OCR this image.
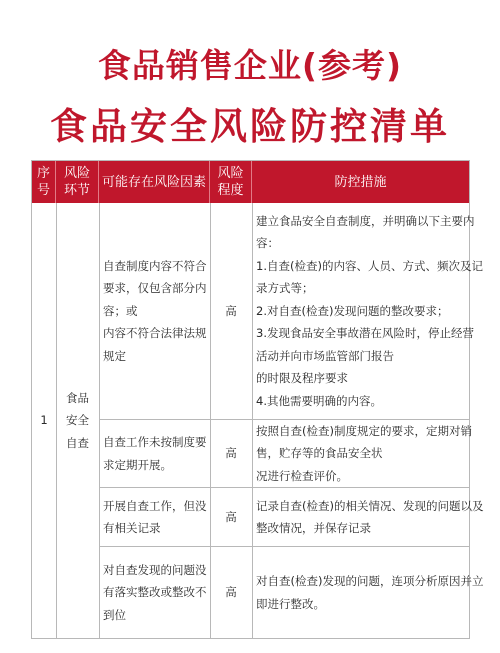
食品销售企业(参考)
食品安全风险防控清单
序
号
风险
环节
可能存在风险因素
风险
程度
防控措施
1
食品
安全
自查
自查制度内容不符合
要求，仅包含部分内
容；或
内容不符合法律法规
规定
高
建立食品安全自查制度，并明确以下主要内
容：
1.自查(检查)的内容、人员、方式、频次及记
录方式等；
2.对自查(检查)发现问题的整改要求；
3.发现食品安全事故潜在风险时，停止经营
活动并向市场监管部门报告
的时限及程序要求
4.其他需要明确的内容。
自查工作未按制度要
求定期开展。
高
按照自查(检查)制度规定的要求，定期对销
售，贮存等的食品安全状
况进行检查评价。
开展自查工作，但没
有相关记录
高
记录自查(检查)的相关情况、发现的问题以及
整改情况，并保存记录
对自查发现的问题没
有落实整改或整改不
到位
高
对自查(检查)发现的问题，连项分析原因并立
即进行整改。
